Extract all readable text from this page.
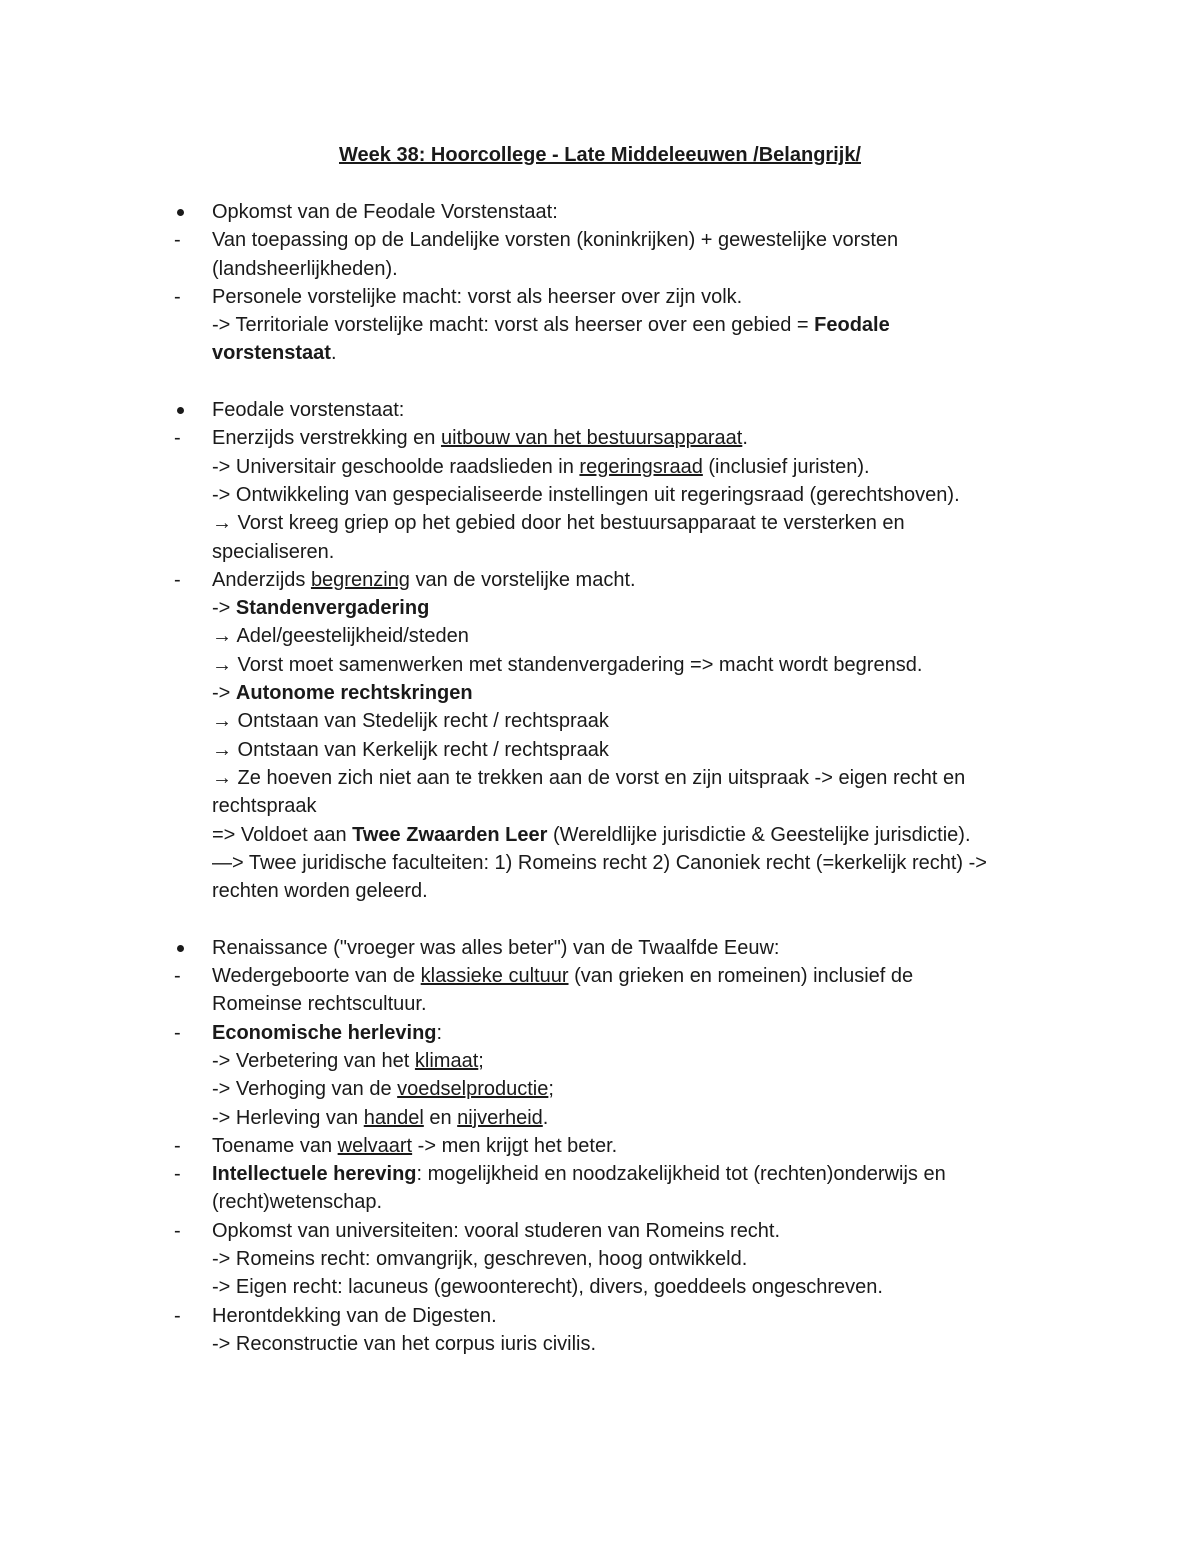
Week 38: Hoorcollege - Late Middeleeuwen /Belangrijk/
Opkomst van de Feodale Vorstenstaat:
-	Van toepassing op de Landelijke vorsten (koninkrijken) + gewestelijke vorsten
(landsheerlijkheden).
-	Personele vorstelijke macht: vorst als heerser over zijn volk.
-> Territoriale vorstelijke macht: vorst als heerser over een gebied = Feodale
vorstenstaat.
Feodale vorstenstaat:
-	Enerzijds verstrekking en uitbouw van het bestuursapparaat.
-> Universitair geschoolde raadslieden in regeringsraad (inclusief juristen).
-> Ontwikkeling van gespecialiseerde instellingen uit regeringsraad (gerechtshoven).
→ Vorst kreeg griep op het gebied door het bestuursapparaat te versterken en
specialiseren.
-	Anderzijds begrenzing van de vorstelijke macht.
-> Standenvergadering
→ Adel/geestelijkheid/steden
→ Vorst moet samenwerken met standenvergadering => macht wordt begrensd.
-> Autonome rechtskringen
→ Ontstaan van Stedelijk recht / rechtspraak
→ Ontstaan van Kerkelijk recht / rechtspraak
→ Ze hoeven zich niet aan te trekken aan de vorst en zijn uitspraak -> eigen recht en
rechtspraak
=> Voldoet aan Twee Zwaarden Leer (Wereldlijke jurisdictie & Geestelijke jurisdictie).
—> Twee juridische faculteiten: 1) Romeins recht 2) Canoniek recht (=kerkelijk recht) ->
rechten worden geleerd.
Renaissance ("vroeger was alles beter") van de Twaalfde Eeuw:
-	Wedergeboorte van de klassieke cultuur (van grieken en romeinen) inclusief de
Romeinse rechtscultuur.
-	Economische herleving:
-> Verbetering van het klimaat;
-> Verhoging van de voedselproductie;
-> Herleving van handel en nijverheid.
-	Toename van welvaart -> men krijgt het beter.
-	Intellectuele hereving: mogelijkheid en noodzakelijkheid tot (rechten)onderwijs en
(recht)wetenschap.
-	Opkomst van universiteiten: vooral studeren van Romeins recht.
-> Romeins recht: omvangrijk, geschreven, hoog ontwikkeld.
-> Eigen recht: lacuneus (gewoonterecht), divers, goeddeels ongeschreven.
-	Herontdekking van de Digesten.
-> Reconstructie van het corpus iuris civilis.
